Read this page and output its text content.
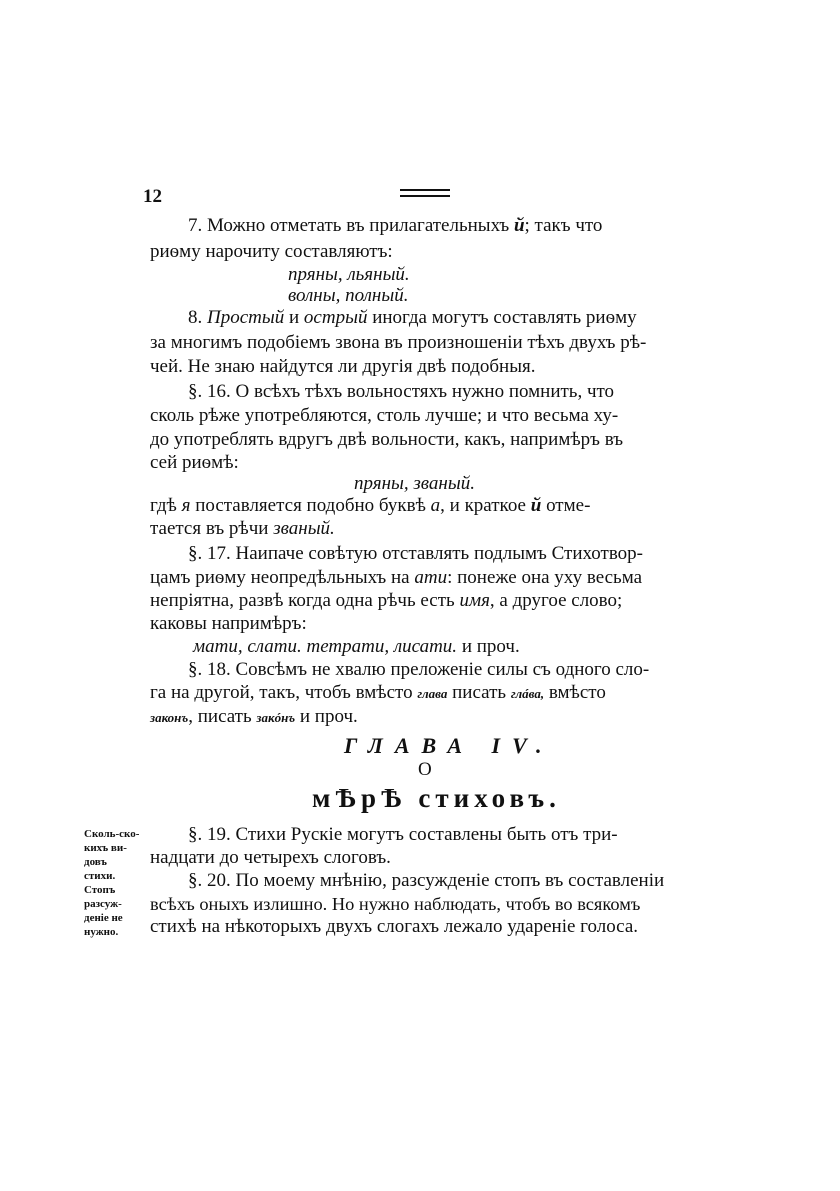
12
7. Можно отметать въ прилагательныхъ й; такъ что
риѳму нарочиту составляютъ:
пряны, льяный.
волны, полный.
8. Простый и острый иногда могутъ составлять риѳму
за многимъ подобіемъ звона въ произношеніи тѣхъ двухъ рѣ-
чей. Не знаю найдутся ли другія двѣ подобныя.
§. 16. О всѣхъ тѣхъ вольностяхъ нужно помнить, что
сколь рѣже употребляются, столь лучше; и что весьма ху-
до употреблять вдругъ двѣ вольности, какъ, напримѣръ въ
сей риѳмѣ:
пряны, званый.
гдѣ я поставляется подобно буквѣ а, и краткое й отме-
тается въ рѣчи званый.
§. 17. Наипаче совѣтую отставлять подлымъ Стихотвор-
цамъ риѳму неопредѣльныхъ на ати: понеже она уху весьма
непріятна, развѣ когда одна рѣчь есть имя, а другое слово;
каковы напримѣръ:
мати, слати. тетрати, лисати. и проч.
§. 18. Совсѣмъ не хвалю преложеніе силы съ одного сло-
га на другой, такъ, чтобъ вмѣсто глава писать глáва, вмѣсто
законъ, писать закóнъ и проч.
ГЛАВА IV.
О
мѢрѢ стиховъ.
§. 19. Стихи Рускіе могутъ составлены быть отъ три-
надцати до четырехъ слоговъ.
§. 20. По моему мнѣнію, разсужденіе стопъ въ составленіи
всѣхъ оныхъ излишно. Но нужно наблюдать, чтобъ во всякомъ
стихѣ на нѣкоторыхъ двухъ слогахъ лежало удареніе голоса.
Сколь-ско-
кихъ ви-
довъ
стихи.
Стопъ
разсуж-
деніе не
нужно.
